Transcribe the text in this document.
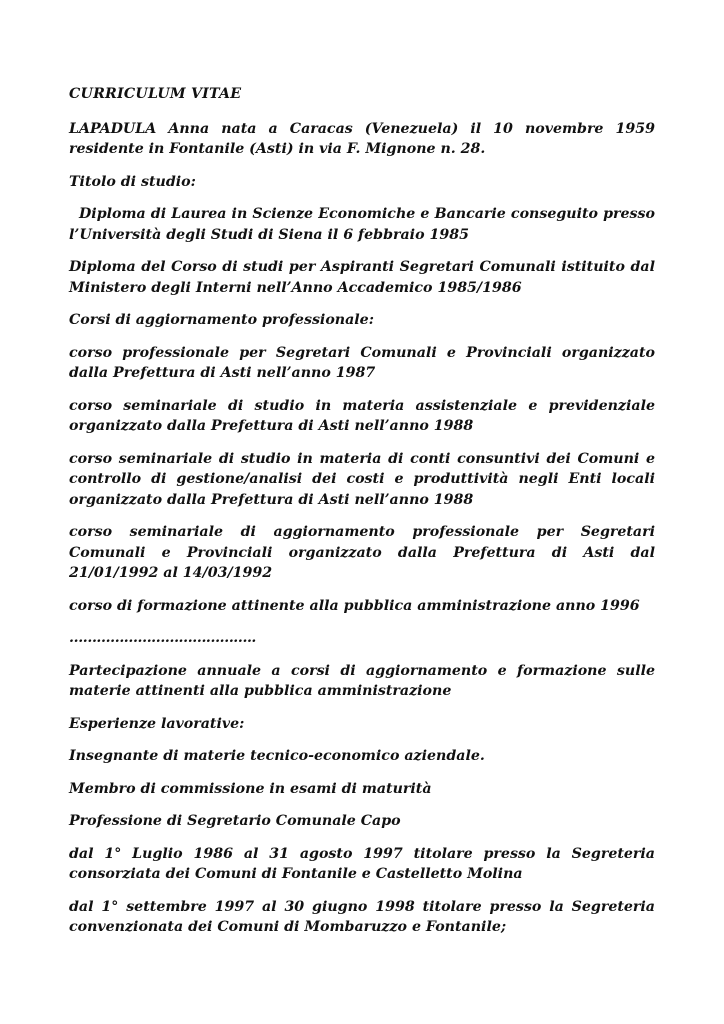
CURRICULUM VITAE

LAPADULA Anna nata a Caracas (Venezuela) il 10 novembre 1959 residente in Fontanile (Asti) in via F. Mignone n. 28.

Titolo di studio:

Diploma di Laurea in Scienze Economiche e Bancarie conseguito presso l’Università degli Studi di Siena il 6 febbraio 1985

Diploma del Corso di studi per Aspiranti Segretari Comunali istituito dal Ministero degli Interni nell’Anno Accademico 1985/1986

Corsi di aggiornamento professionale:

corso professionale per Segretari Comunali e Provinciali organizzato dalla Prefettura di Asti nell’anno 1987

corso seminariale di studio in materia assistenziale e previdenziale organizzato dalla Prefettura di Asti nell’anno 1988

corso seminariale di studio in materia di conti consuntivi dei Comuni e controllo di gestione/analisi dei costi e produttività negli Enti locali organizzato dalla Prefettura di Asti nell’anno 1988

corso seminariale di aggiornamento professionale per Segretari Comunali e Provinciali organizzato dalla Prefettura di Asti dal 21/01/1992 al 14/03/1992

corso di formazione attinente alla pubblica amministrazione anno 1996

…………………………………..

Partecipazione annuale a corsi di aggiornamento e formazione sulle materie attinenti alla pubblica amministrazione

Esperienze lavorative:

Insegnante di materie tecnico-economico aziendale.

Membro di commissione in esami di maturità

Professione di Segretario Comunale Capo

dal 1° Luglio 1986 al 31 agosto 1997 titolare presso la Segreteria consorziata dei Comuni di Fontanile e Castelletto Molina

dal 1° settembre 1997 al 30 giugno 1998 titolare presso la Segreteria convenzionata dei Comuni di Mombaruzzo e Fontanile;
